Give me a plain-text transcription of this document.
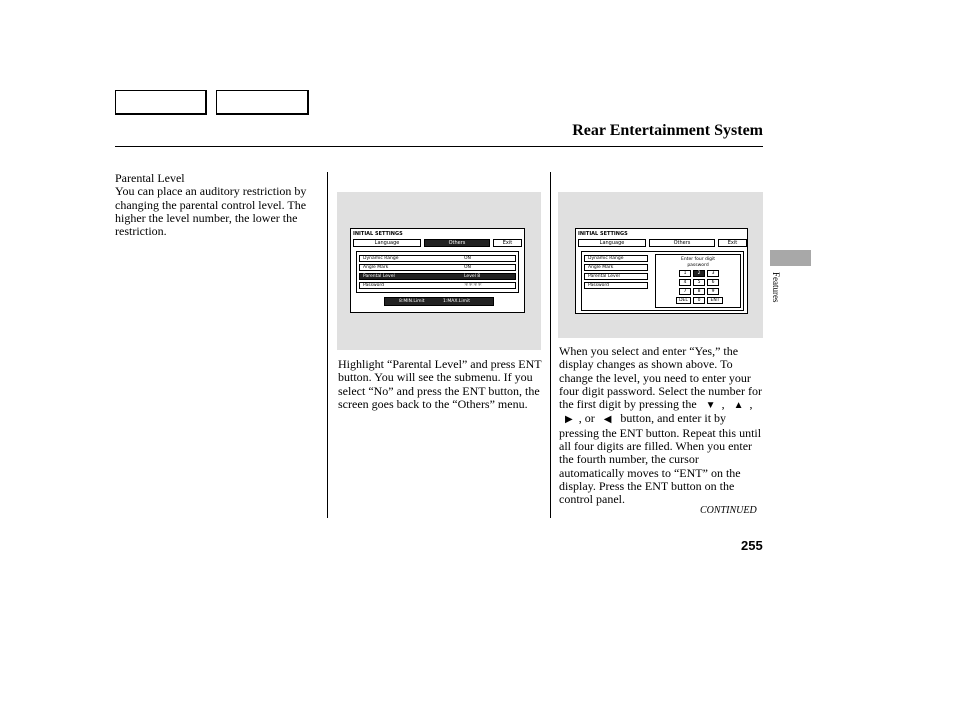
Rear Entertainment System
Parental Level
You can place an auditory restriction by changing the parental control level. The higher the level number, the lower the restriction.	INITIAL SETTINGS
Language	Others	Exit
Dynamic Range	ON
Angle Mark	ON
Parental Level	Level 8
Password	＊＊＊＊
8:MIN.Limit	1:MAX.Limit
Highlight “Parental Level” and press ENT button. You will see the submenu. If you select “No” and press the ENT button, the screen goes back to the “Others” menu.
INITIAL SETTINGS
Language	Others	Exit
Dynamic Range
Angle Mark
Parental Level
Password
Enter four digit
password
1	2	3
4	5	6
7	8	9
DEL	0	ENT
When you select and enter “Yes,” the display changes as shown above. To change the level, you need to enter your four digit password. Select the number for the first digit by pressing the ▼ , ▲ , ▶ , or ◀ button, and enter it by pressing the ENT button. Repeat this until all four digits are filled. When you enter the fourth number, the cursor automatically moves to “ENT” on the display. Press the ENT button on the control panel.
CONTINUED
255
Features
